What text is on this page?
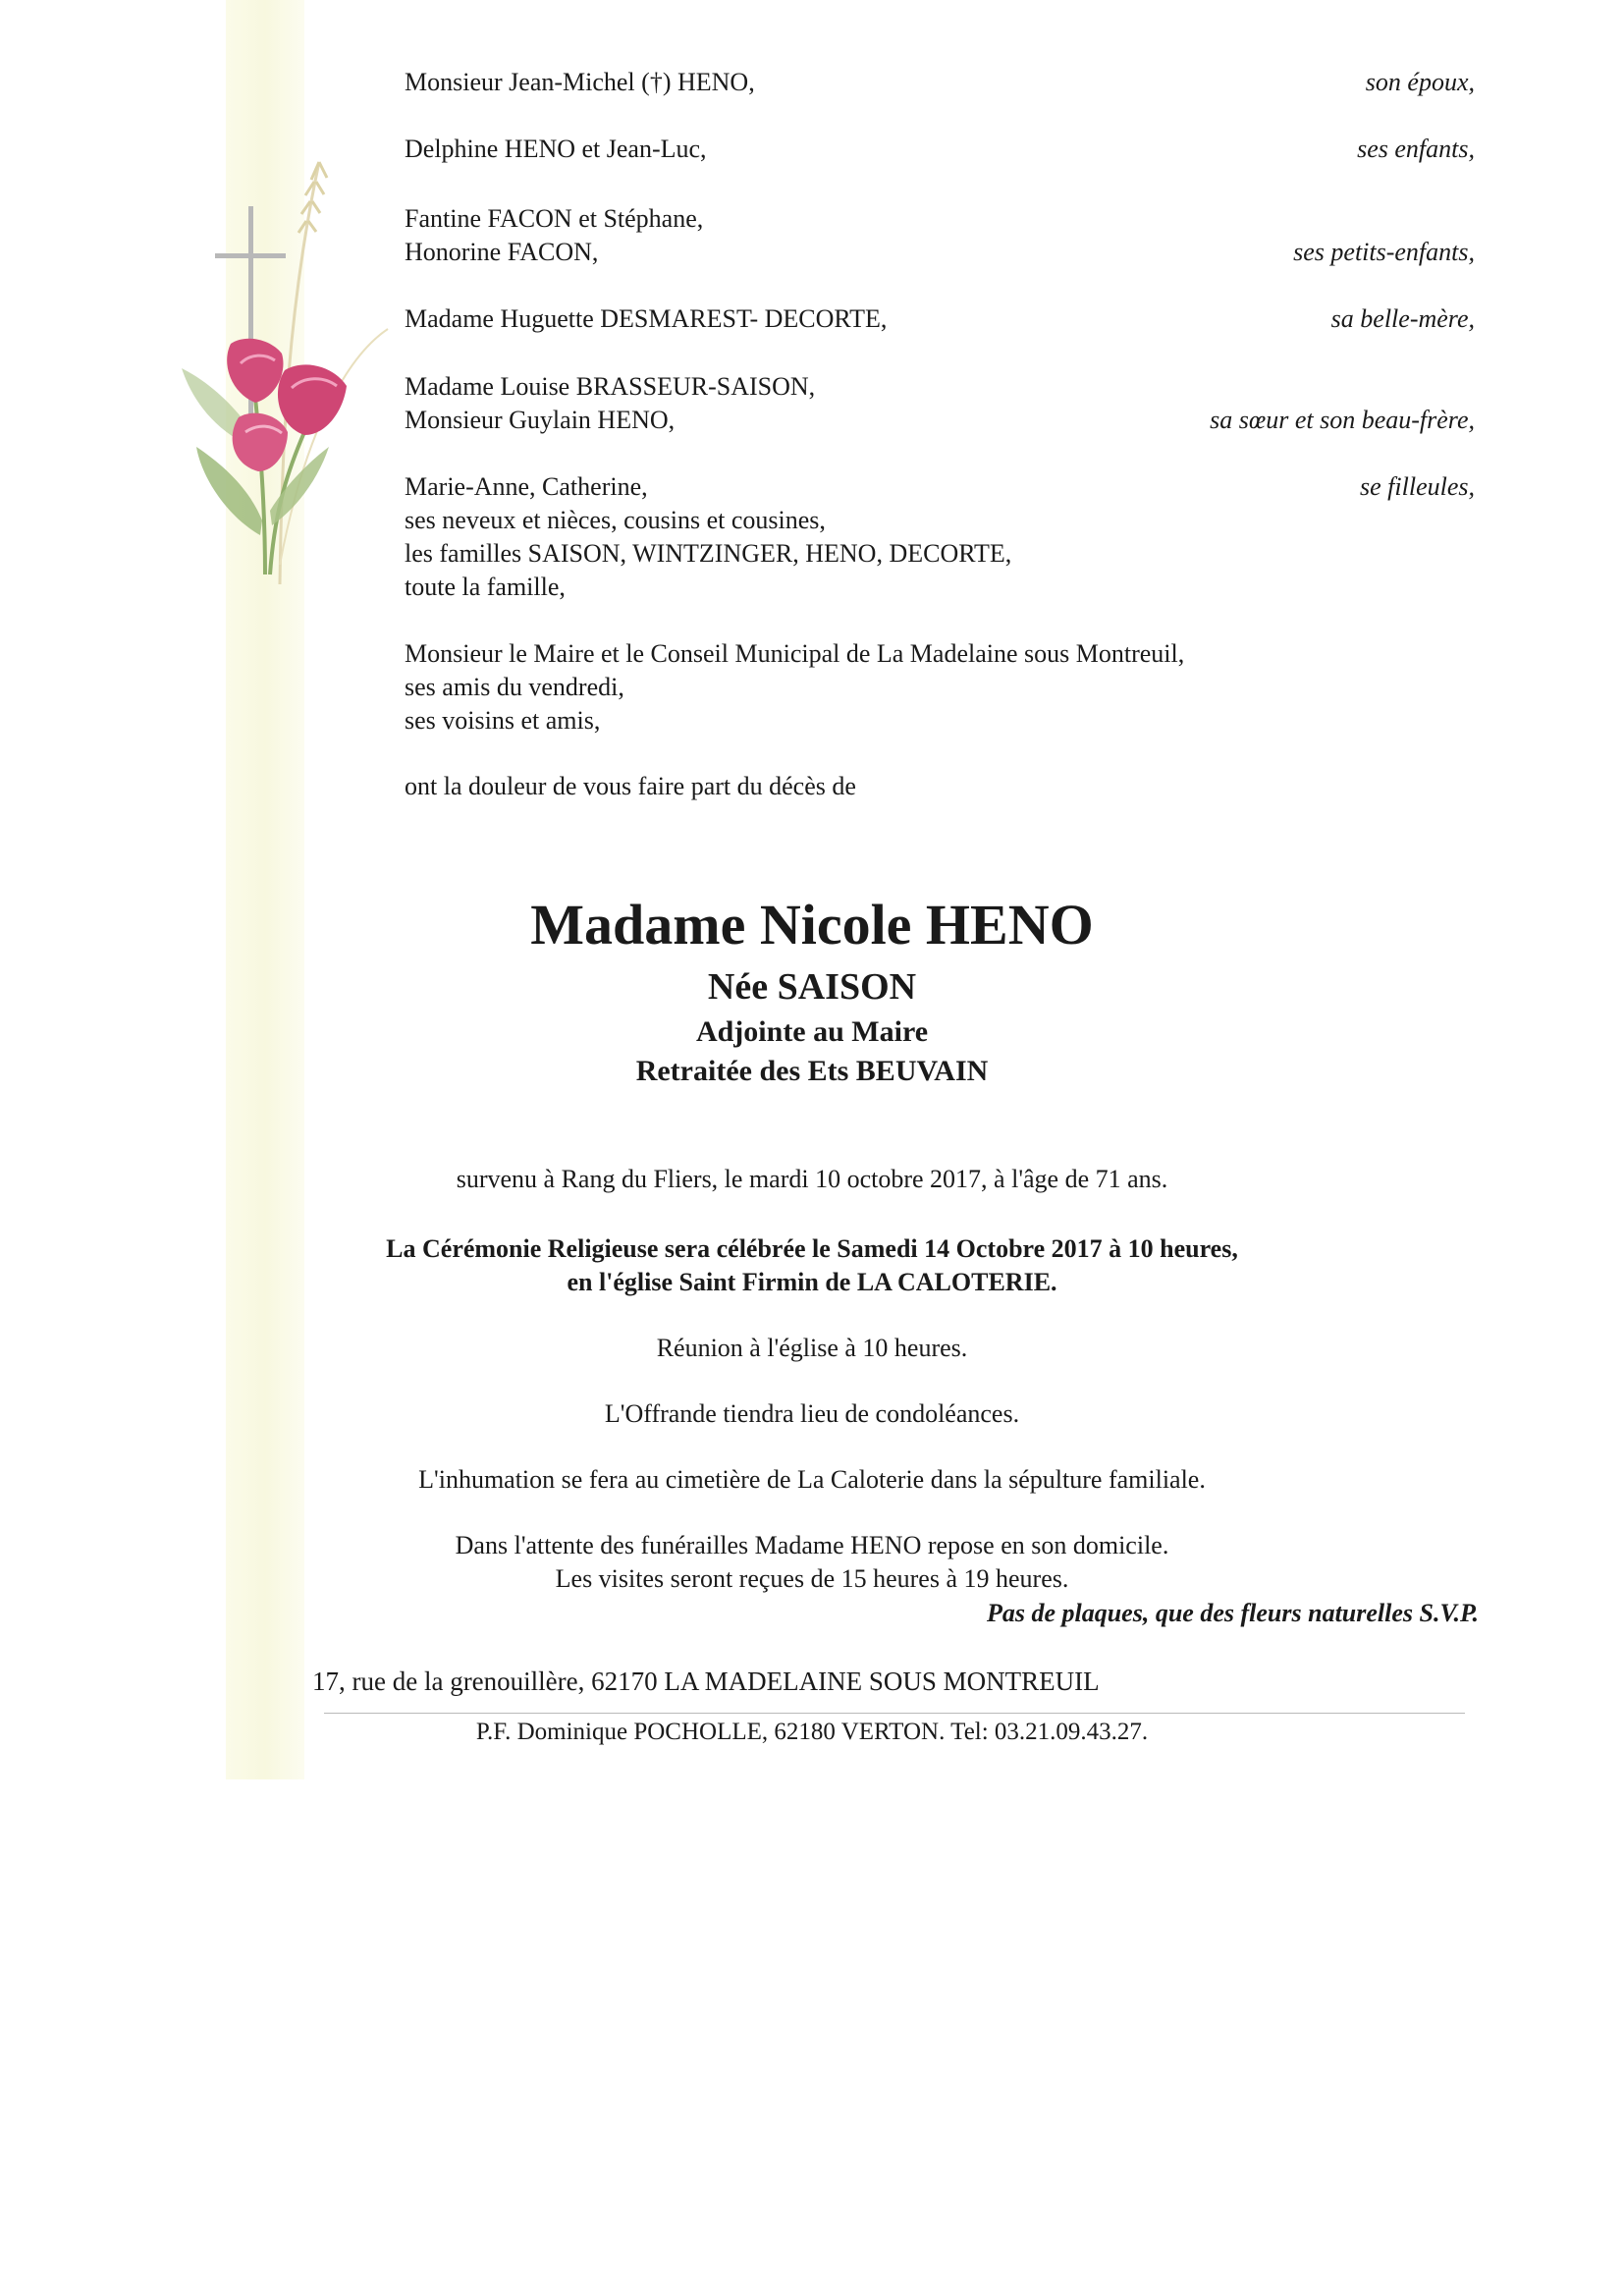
Monsieur Jean-Michel (†) HENO,	son époux,
Delphine HENO et Jean-Luc,	ses enfants,
Fantine FACON et Stéphane,
Honorine FACON,	ses petits-enfants,
Madame Huguette DESMAREST- DECORTE,	sa belle-mère,
Madame Louise BRASSEUR-SAISON,
Monsieur Guylain HENO,	sa sœur et son beau-frère,
Marie-Anne, Catherine,	se filleules,
ses neveux et nièces, cousins et cousines,
les familles SAISON, WINTZINGER, HENO, DECORTE,
toute la famille,
Monsieur le Maire et le Conseil Municipal de La Madelaine sous Montreuil,
ses amis du vendredi,
ses voisins et amis,
ont la douleur de vous faire part du décès de
Madame Nicole HENO
Née SAISON
Adjointe au Maire
Retraitée des Ets BEUVAIN
survenu à Rang du Fliers, le mardi 10 octobre 2017, à l'âge de 71 ans.
La Cérémonie Religieuse sera célébrée le Samedi 14 Octobre 2017 à 10 heures,
en l'église Saint Firmin de LA CALOTERIE.
Réunion à l'église à 10 heures.
L'Offrande tiendra lieu de condoléances.
L'inhumation se fera au cimetière de La Caloterie dans la sépulture familiale.
Dans l'attente des funérailles Madame HENO repose en son domicile.
Les visites seront reçues de 15 heures à 19 heures.
Pas de plaques, que des fleurs naturelles S.V.P.
17, rue de la grenouillère, 62170 LA MADELAINE SOUS MONTREUIL
P.F. Dominique POCHOLLE, 62180 VERTON. Tel: 03.21.09.43.27.
